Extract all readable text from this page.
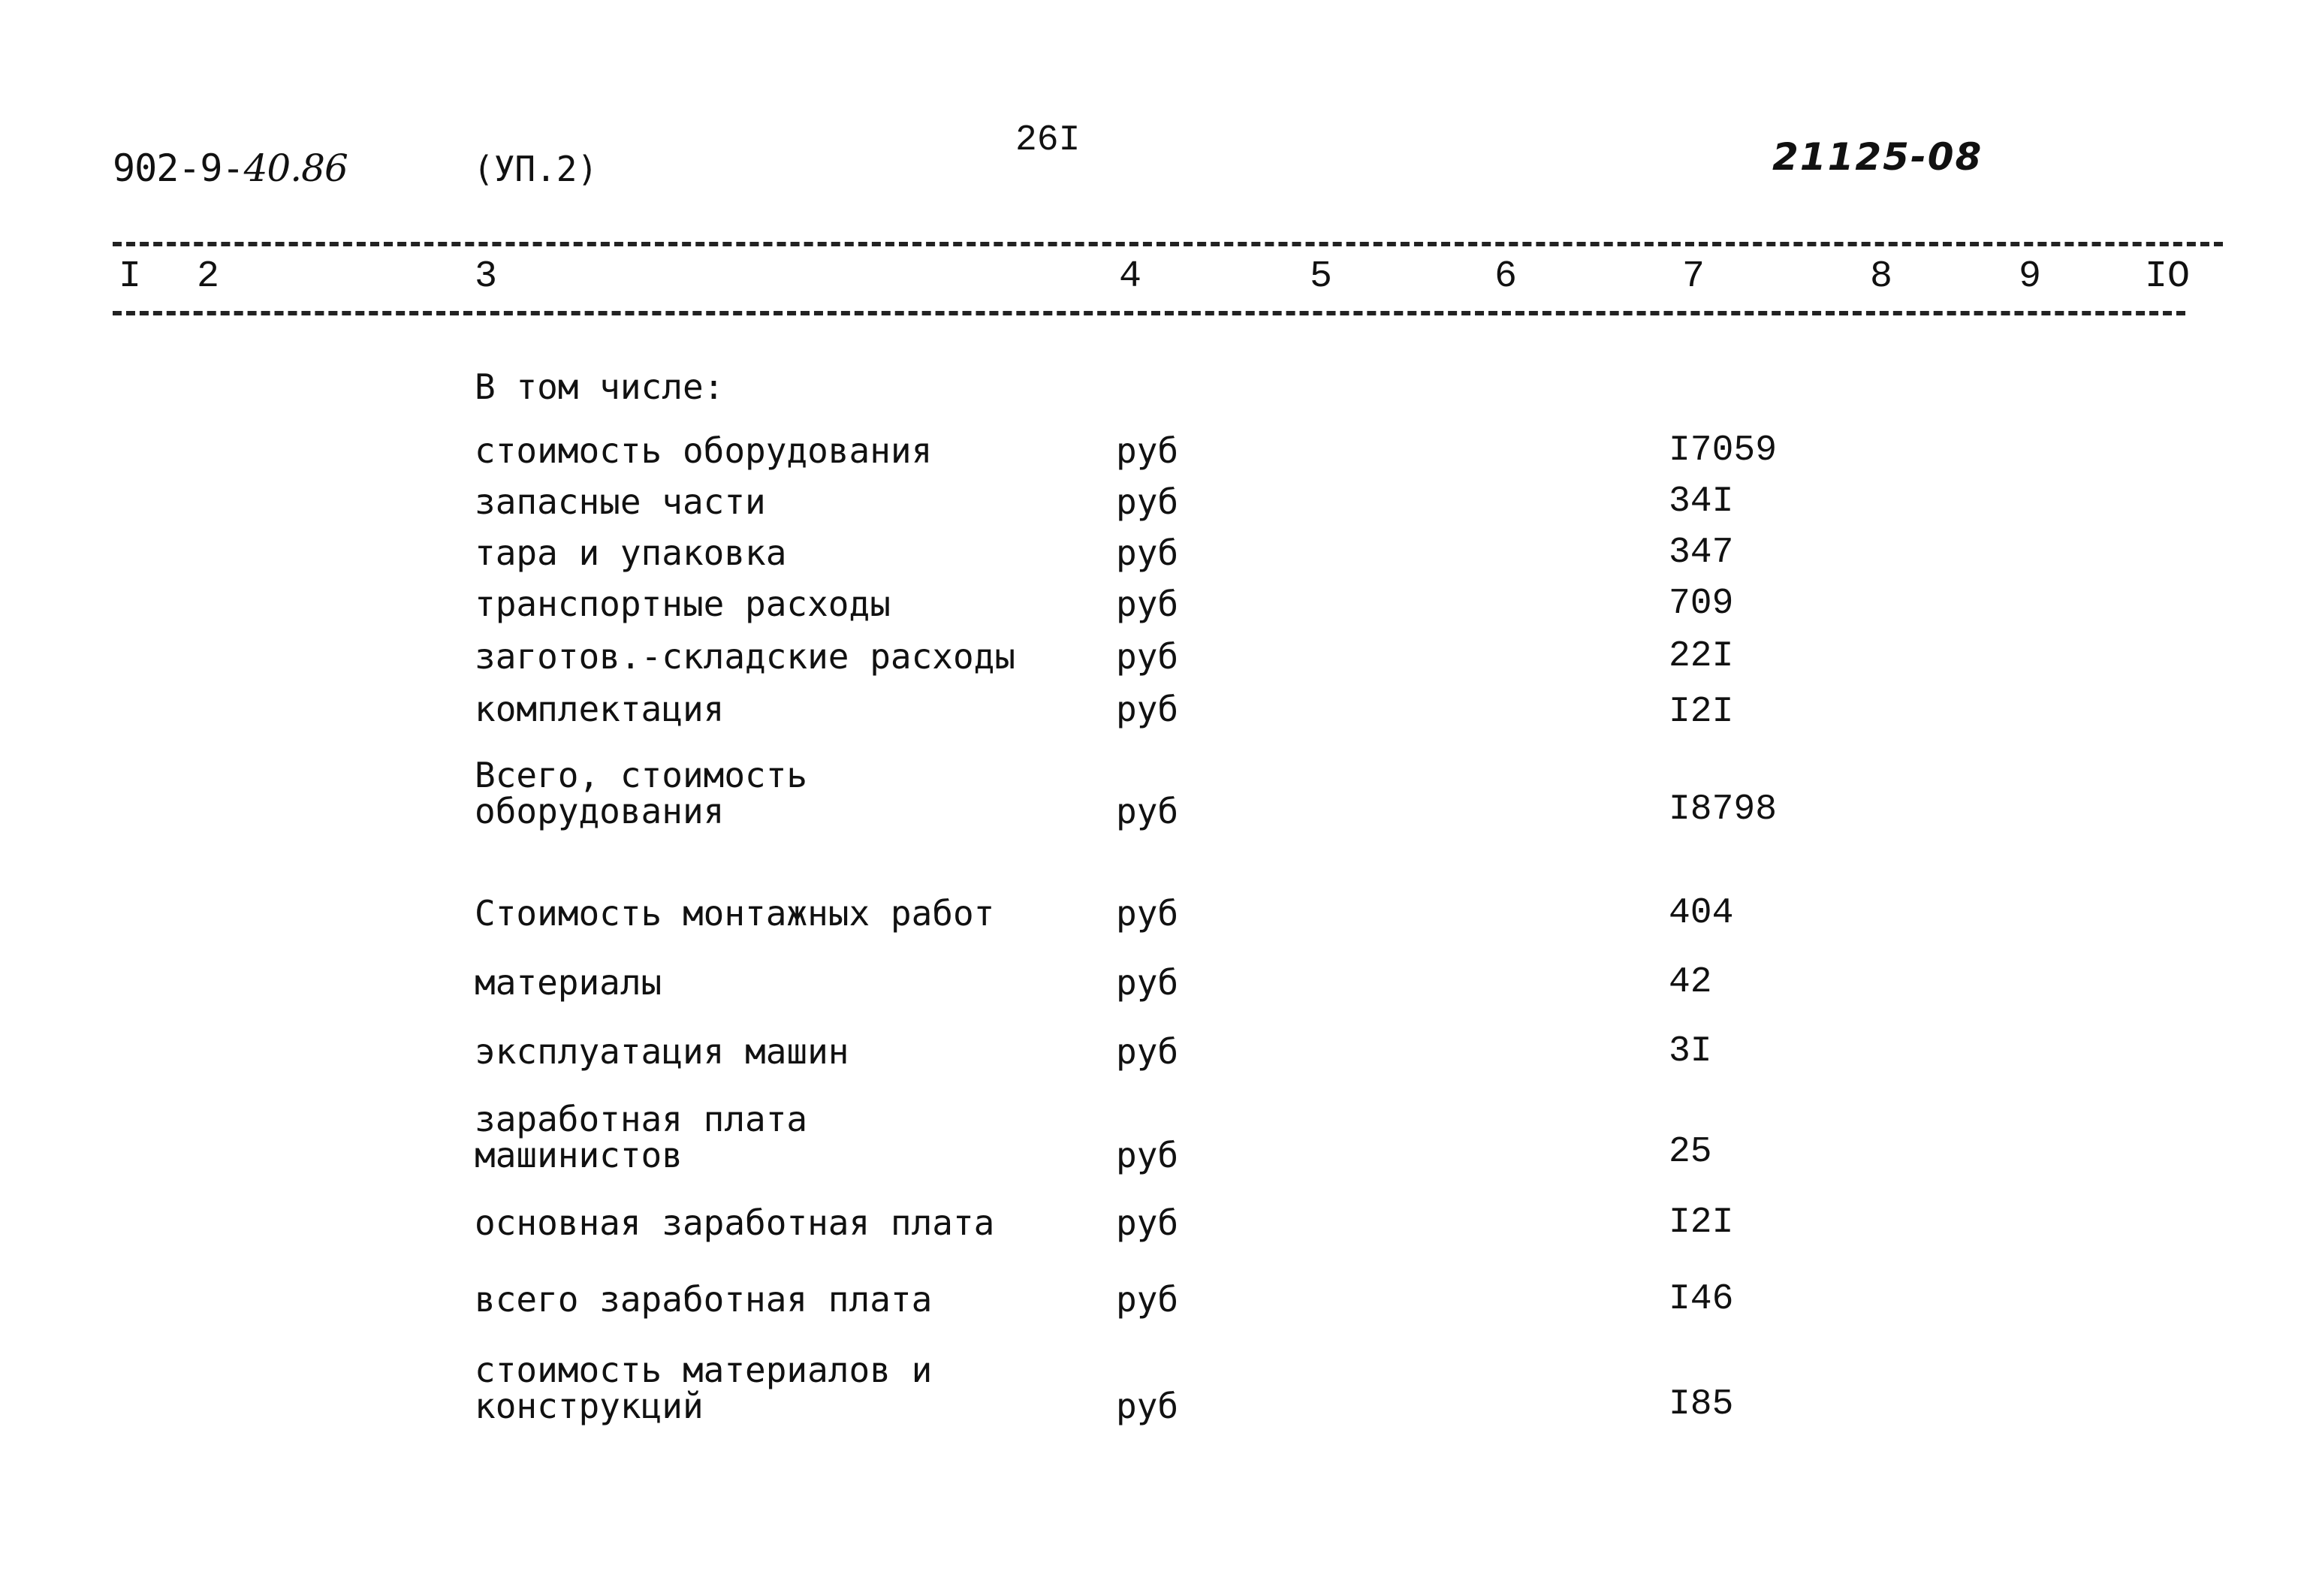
902-9-40.86	(УП.2)
26I	21125-08
I 2	3	4	5	6	7	8	9	IO
В том числе:
стоимость оборудования	руб	I7059
запасные части	руб	34I
тара и упаковка	руб	347
транспортные расходы	руб	709
заготов.-складские расходы	руб	22I
комплектация	руб	I2I
Всего, стоимость
оборудования	руб	I8798
Стоимость монтажных работ	руб	404
материалы	руб	42
эксплуатация машин	руб	3I
заработная плата
машинистов	руб	25
основная заработная плата	руб	I2I
всего заработная плата	руб	I46
стоимость материалов и
конструкций	руб	I85
